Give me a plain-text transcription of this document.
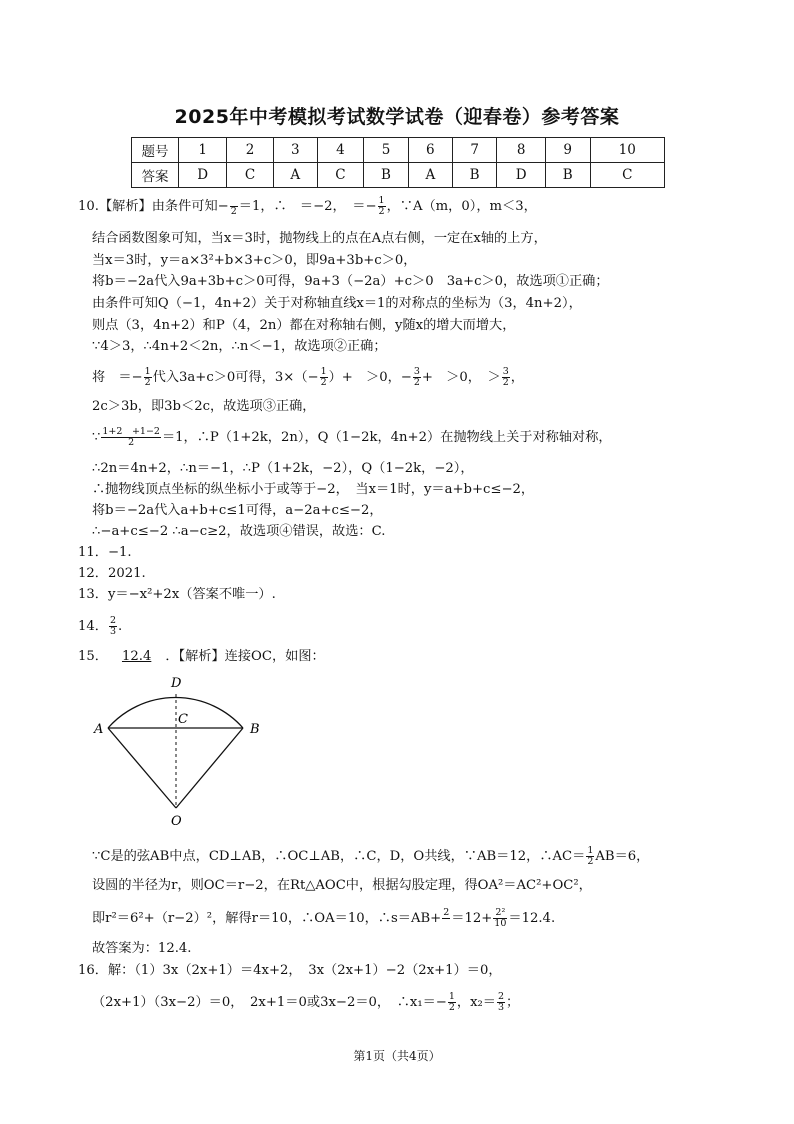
2025年中考模拟考试数学试卷（迎春卷）参考答案
题号	1	2	3	4	5	6	7	8	9	10
答案	D	C	A	C	B	A	B	D	B	C
10.【解析】由条件可知−
2 ＝1，∴　＝−2，　＝− $\frac{1}{2}$ ，∵A（m，0），m＜3，
结合函数图象可知，当x＝3时，抛物线上的点在A点右侧，一定在x轴的上方，
当x＝3时，y＝a×3²+b×3+c＞0，即9a+3b+c＞0，
将b＝−2a代入9a+3b+c＞0可得，9a+3（−2a）+c＞0　3a+c＞0，故选项①正确；
由条件可知Q（−1，4n+2）关于对称轴直线x＝1的对称点的坐标为（3，4n+2），
则点（3，4n+2）和P（4，2n）都在对称轴右侧，y随x的增大而增大，
∵4＞3，∴4n+2＜2n，∴n＜−1，故选项②正确；
将　＝− $\frac{1}{2}$ 代入3a+c＞0可得，$3\times(- \frac{1}{2}$ ）+　＞0，− $\frac{3}{2}$ +　＞0，　＞ $\frac{3}{2}$ ，
2c＞3b，即3b＜2c，故选项③正确，
∵ $\frac{1+2 +1-2}{2} =1$，∴P（1+2k，2n），Q（1−2k，4n+2）在抛物线上关于对称轴对称，
∴2n＝4n+2，∴n＝−1，∴P（1+2k，−2），Q（1−2k，−2），
∴抛物线顶点坐标的纵坐标小于或等于−2，　当x＝1时，y＝a+b+c≤−2，
将b＝−2a代入a+b+c≤1可得，a−2a+c≤−2，
∴−a+c≤−2 ∴a−c≥2，故选项④错误，故选：C.
11．−1.
12．2021.
13．y＝−x²+2x（答案不唯一）.
14． $\frac{2}{3}$ .
15． 12.4 ．【解析】连接OC，如图：
A	B
C
D
O
∵C是的弦AB中点，CD⊥AB，∴OC⊥AB，∴C，D，O共线，∵AB＝12，∴AC＝ $\frac{1}{2} AB=6$，
设圆的半径为r，则OC＝r−2，在Rt△AOC中，根据勾股定理，得OA²＝AC²+OC²，
即r²＝6²+（r−2）²，解得r＝10，∴OA＝10，∴s＝AB+ 2
$=12+ \frac{\text{2²}}{10} =12.4$.
故答案为：12.4.
16．解：（1）3x（2x+1）＝4x+2，　3x（2x+1）−2（2x+1）＝0，
（2x+1）（3x−2）＝0，　2x+1＝0或3x−2＝0，　∴x₁＝− $\frac{1}{2}$ ，$x_2= \frac{2}{3}$ ；
第1页（共4页）
